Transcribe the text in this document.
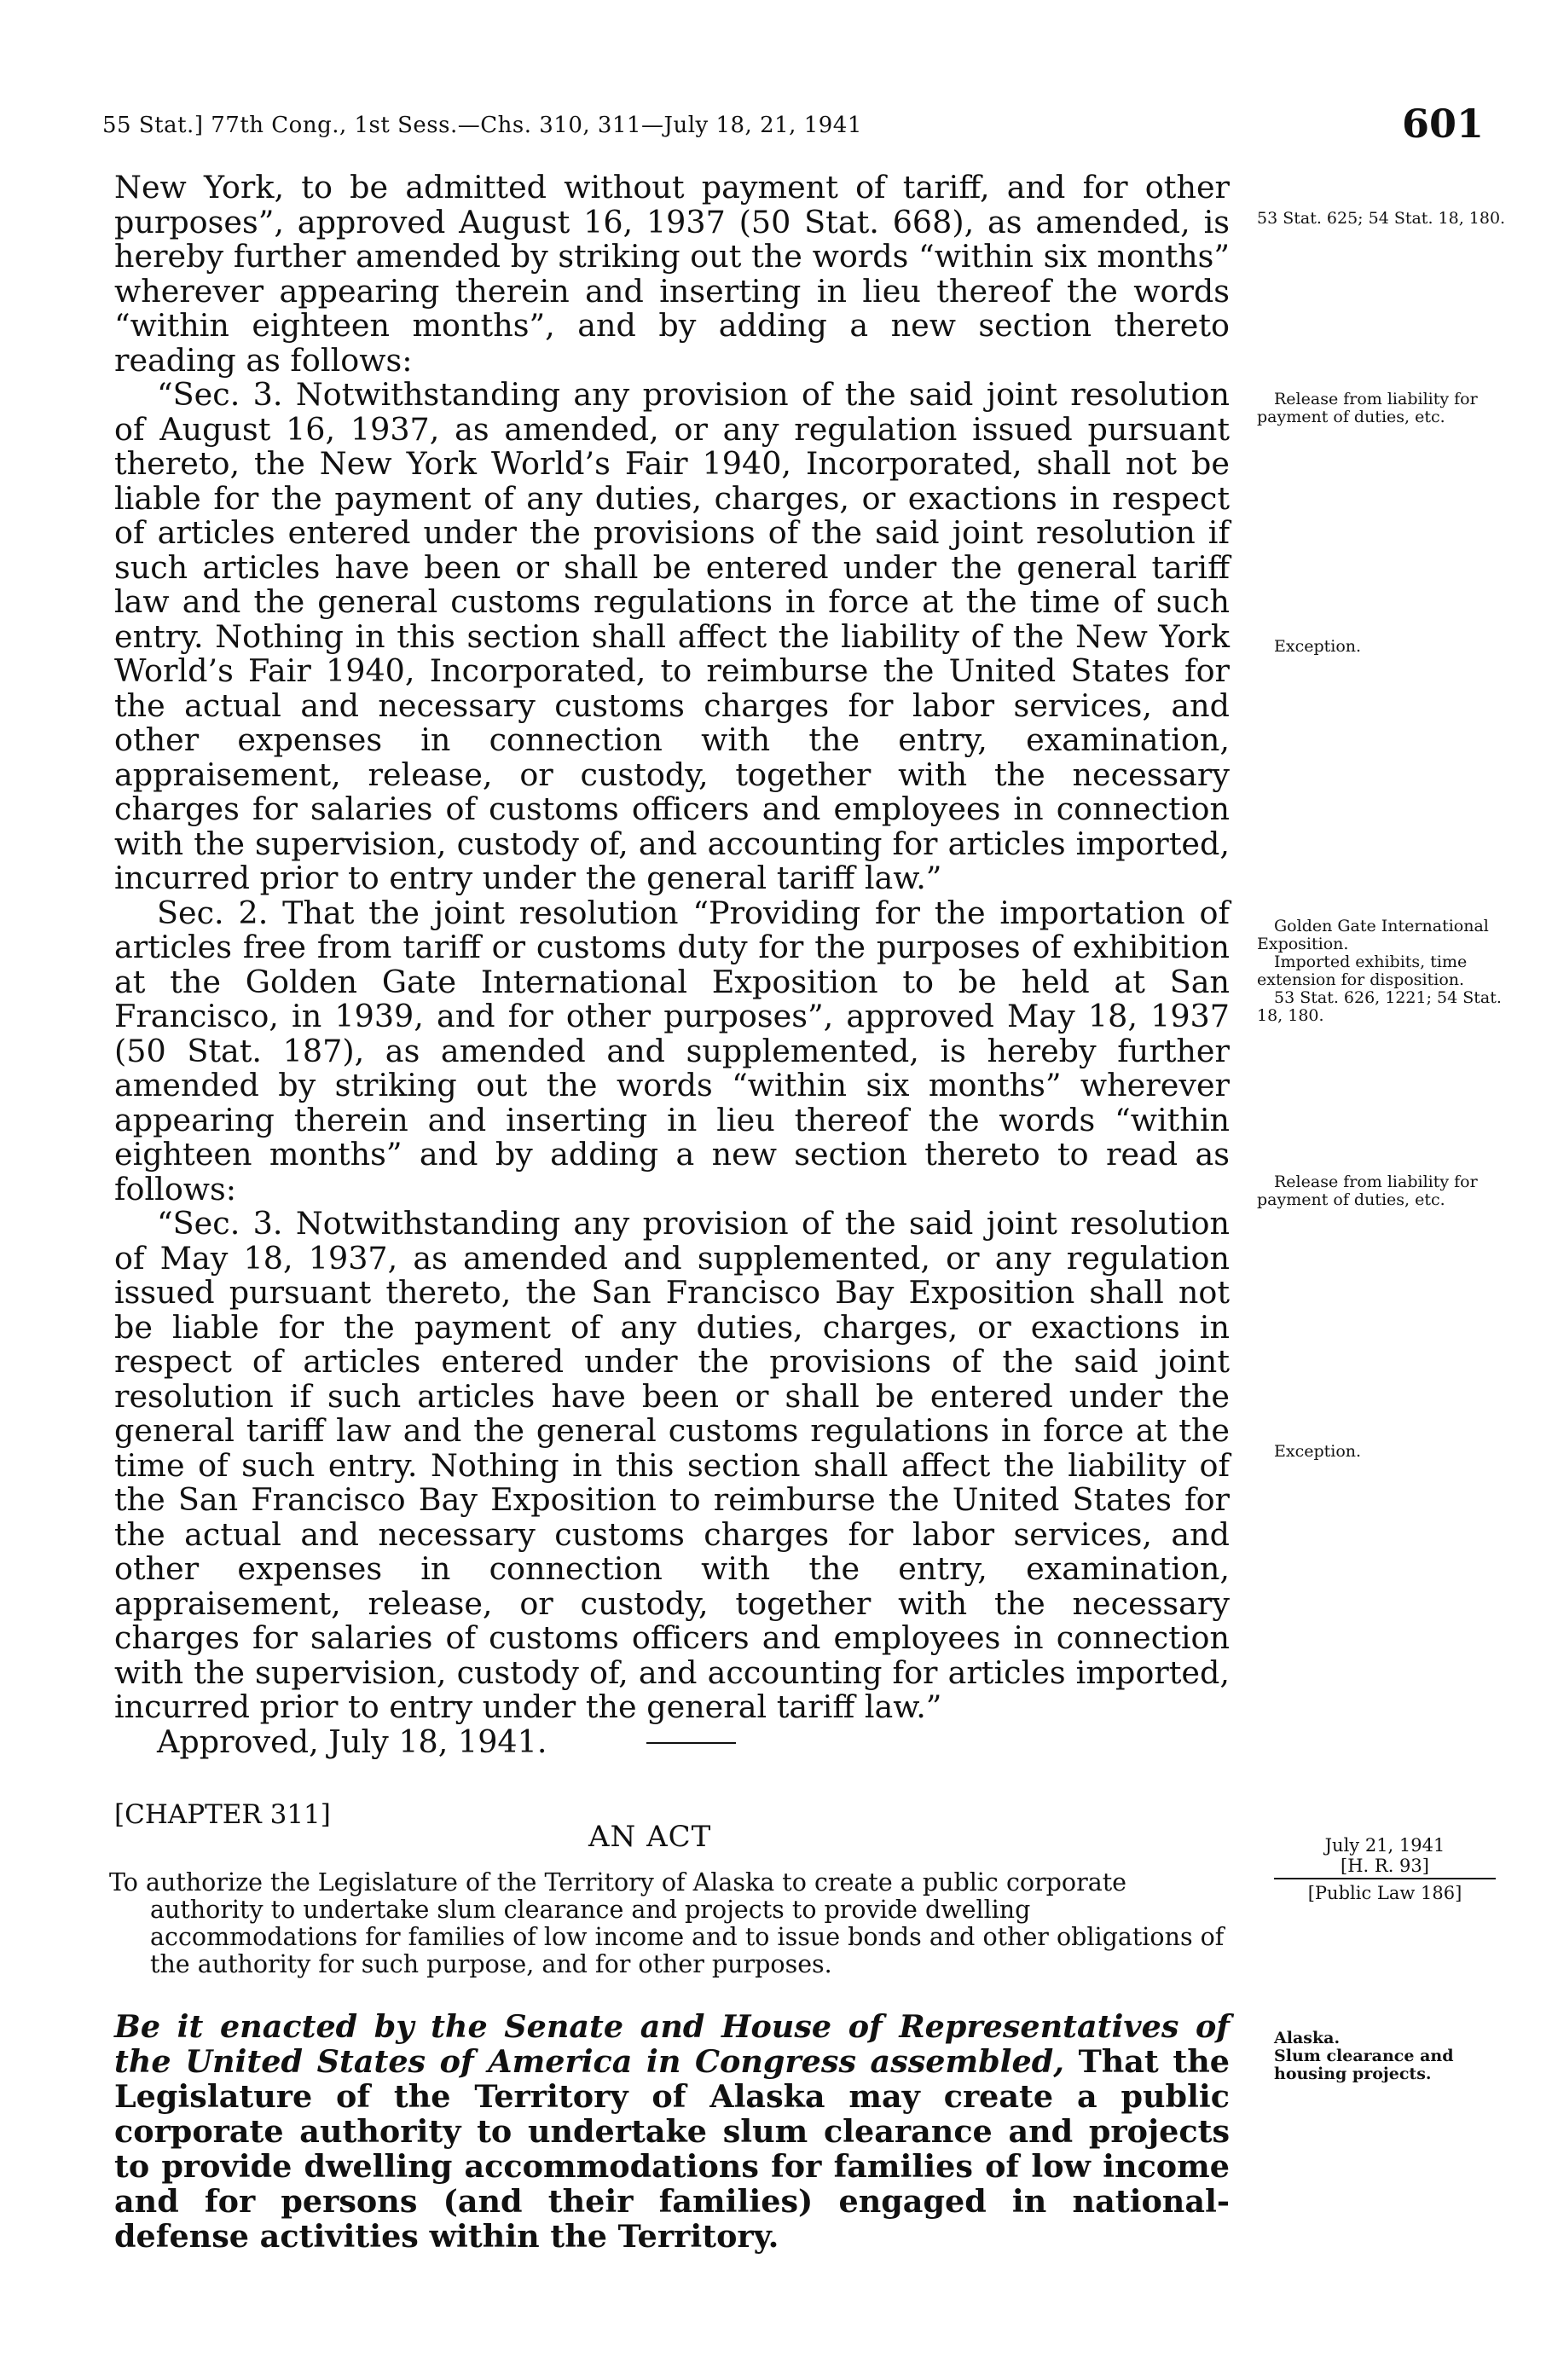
55 Stat.] 77th Cong., 1st Sess.—Chs. 310, 311—July 18, 21, 1941	601

New York, to be admitted without payment of tariff, and for other purposes”, approved August 16, 1937 (50 Stat. 668), as amended, is hereby further amended by striking out the words “within six months” wherever appearing therein and inserting in lieu thereof the words “within eighteen months”, and by adding a new section thereto reading as follows:

“Sec. 3. Notwithstanding any provision of the said joint resolution of August 16, 1937, as amended, or any regulation issued pursuant thereto, the New York World’s Fair 1940, Incorporated, shall not be liable for the payment of any duties, charges, or exactions in respect of articles entered under the provisions of the said joint resolution if such articles have been or shall be entered under the general tariff law and the general customs regulations in force at the time of such entry. Nothing in this section shall affect the liability of the New York World’s Fair 1940, Incorporated, to reimburse the United States for the actual and necessary customs charges for labor services, and other expenses in connection with the entry, examination, appraisement, release, or custody, together with the necessary charges for salaries of customs officers and employees in connection with the supervision, custody of, and accounting for articles imported, incurred prior to entry under the general tariff law.”

Sec. 2. That the joint resolution “Providing for the importation of articles free from tariff or customs duty for the purposes of exhibition at the Golden Gate International Exposition to be held at San Francisco, in 1939, and for other purposes”, approved May 18, 1937 (50 Stat. 187), as amended and supplemented, is hereby further amended by striking out the words “within six months” wherever appearing therein and inserting in lieu thereof the words “within eighteen months” and by adding a new section thereto to read as follows:

“Sec. 3. Notwithstanding any provision of the said joint resolution of May 18, 1937, as amended and supplemented, or any regulation issued pursuant thereto, the San Francisco Bay Exposition shall not be liable for the payment of any duties, charges, or exactions in respect of articles entered under the provisions of the said joint resolution if such articles have been or shall be entered under the general tariff law and the general customs regulations in force at the time of such entry. Nothing in this section shall affect the liability of the San Francisco Bay Exposition to reimburse the United States for the actual and necessary customs charges for labor services, and other expenses in connection with the entry, examination, appraisement, release, or custody, together with the necessary charges for salaries of customs officers and employees in connection with the supervision, custody of, and accounting for articles imported, incurred prior to entry under the general tariff law.”

Approved, July 18, 1941.

53 Stat. 625; 54 Stat. 18, 180.

Release from liability for payment of duties, etc.

Exception.

Golden Gate International Exposition.

Imported exhibits, time extension for disposition.

53 Stat. 626, 1221; 54 Stat. 18, 180.

Release from liability for payment of duties, etc.

Exception.

[CHAPTER 311]
AN ACT	July 21, 1941
[H. R. 93]
[Public Law 186]
To authorize the Legislature of the Territory of Alaska to create a public corporate
authority to undertake slum clearance and projects to provide dwelling accommodations for families of low income and to issue bonds and other obligations of the authority for such purpose, and for other purposes.
Be it enacted by the Senate and House of Representatives of the United States of America in Congress assembled, That the Legislature of the Territory of Alaska may create a public corporate authority to undertake slum clearance and projects to provide dwelling accommodations for families of low income and for persons (and their families) engaged in national-defense activities within the Territory.

Alaska.

Slum clearance and housing projects.
